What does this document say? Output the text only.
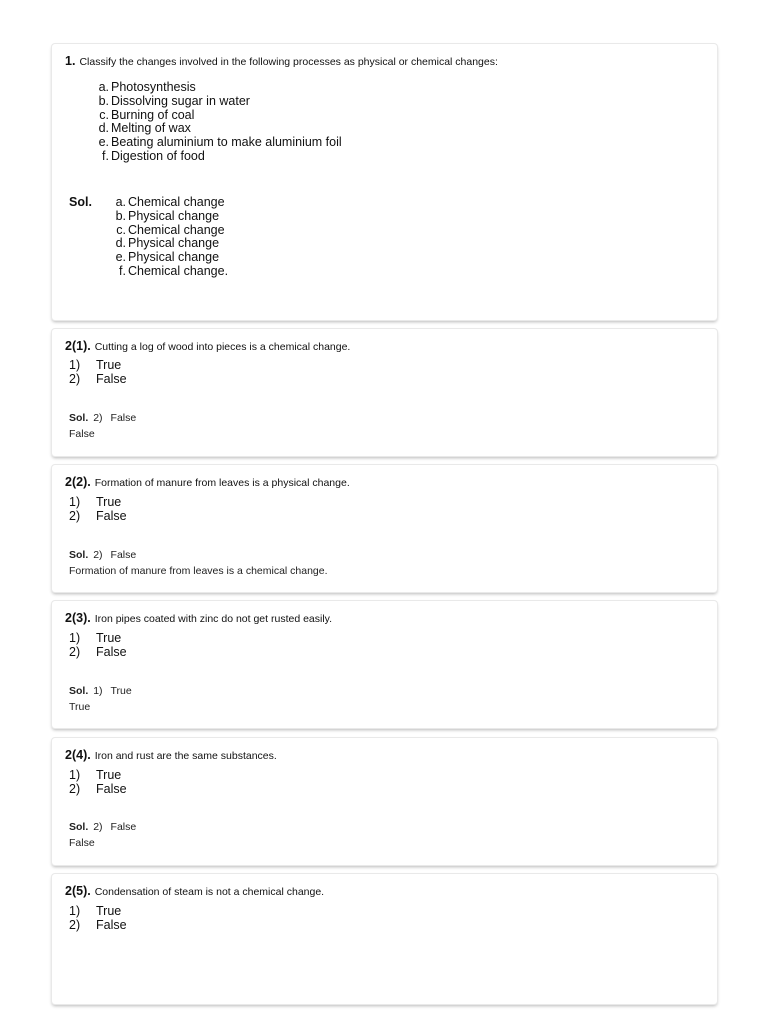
1. Classify the changes involved in the following processes as physical or chemical changes:
a. Photosynthesis
b. Dissolving sugar in water
c. Burning of coal
d. Melting of wax
e. Beating aluminium to make aluminium foil
f. Digestion of food
Sol. a. Chemical change
b. Physical change
c. Chemical change
d. Physical change
e. Physical change
f. Chemical change.
2(1). Cutting a log of wood into pieces is a chemical change.
1)	True
2)	False
Sol. 2) False
False
2(2). Formation of manure from leaves is a physical change.
1)	True
2)	False
Sol. 2) False
Formation of manure from leaves is a chemical change.
2(3). Iron pipes coated with zinc do not get rusted easily.
1)	True
2)	False
Sol. 1) True
True
2(4). Iron and rust are the same substances.
1)	True
2)	False
Sol. 2) False
False
2(5). Condensation of steam is not a chemical change.
1)	True
2)	False
